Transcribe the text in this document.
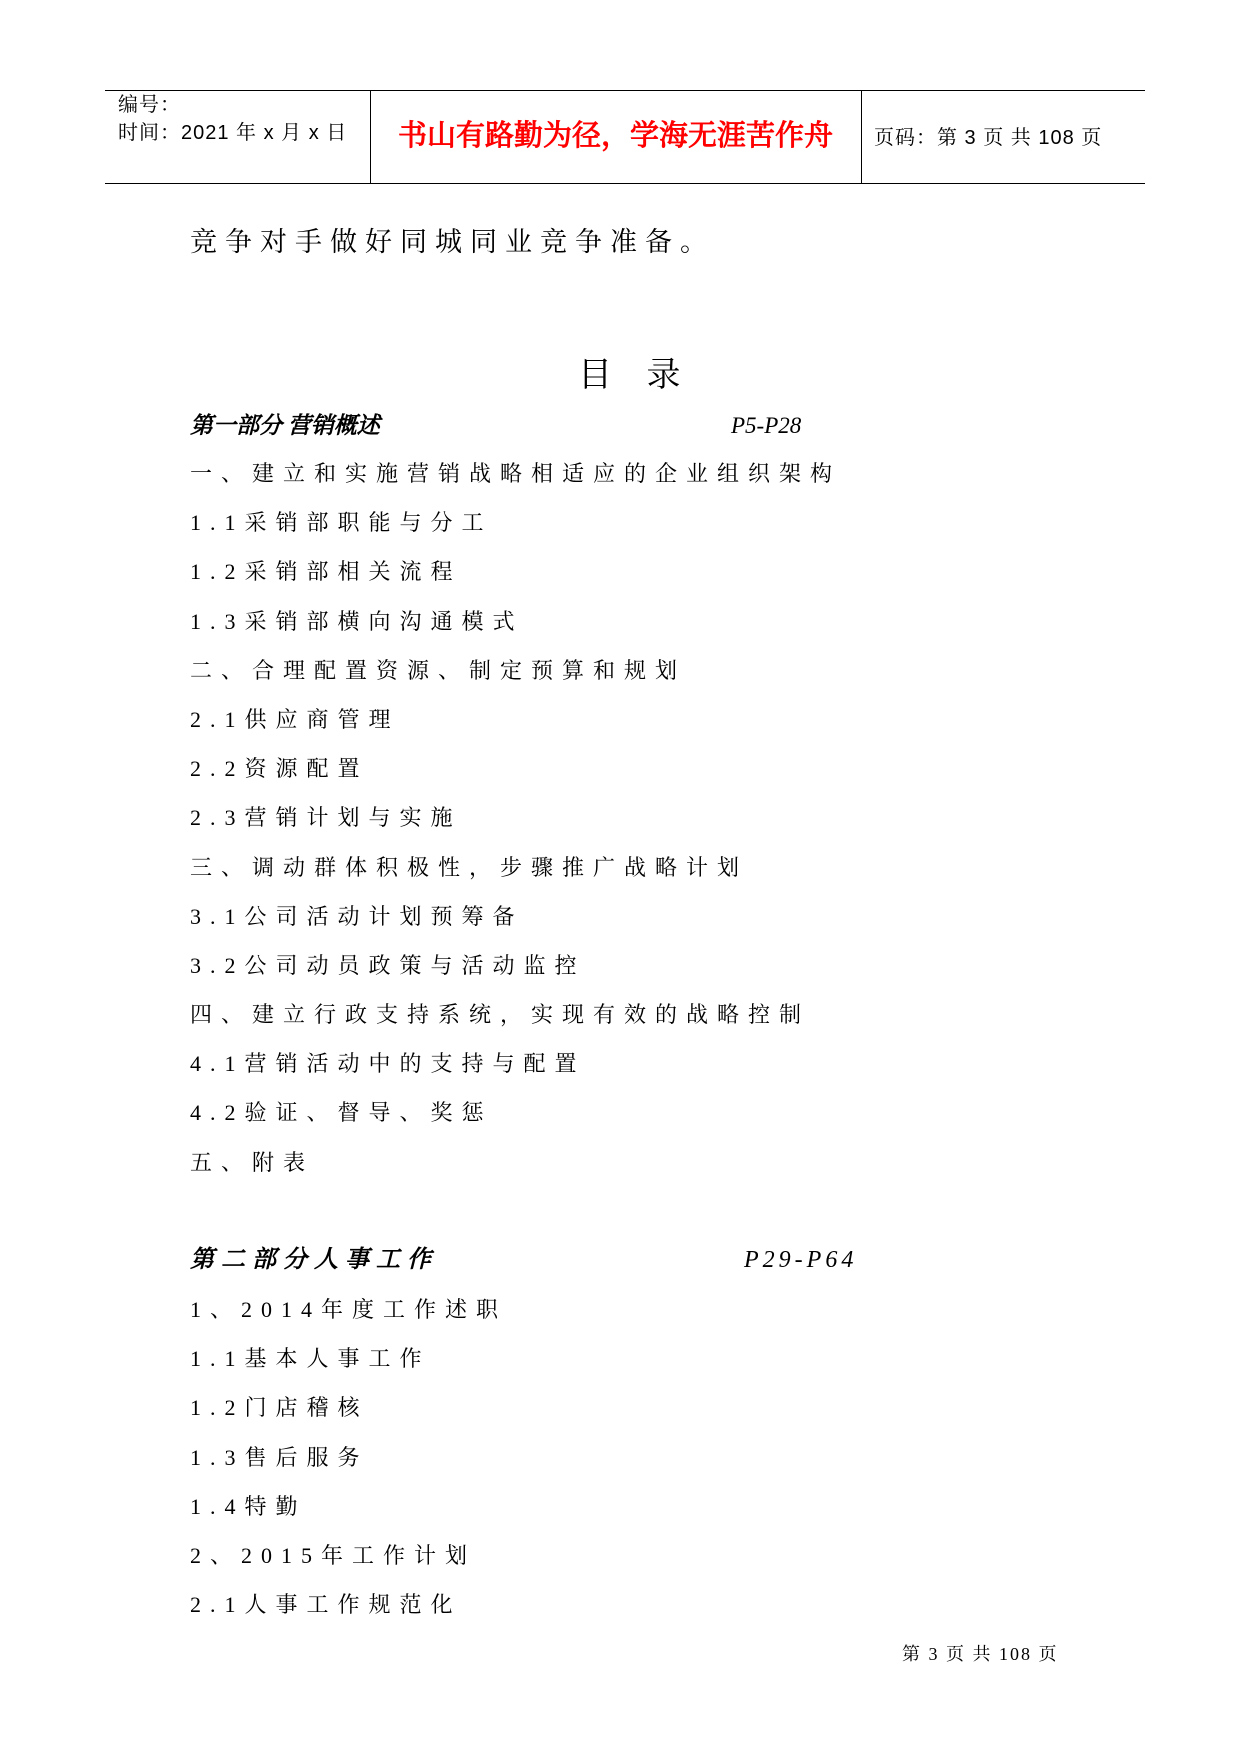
编号：
时间：2021 年 x 月 x 日	书山有路勤为径，学海无涯苦作舟	页码：第 3 页 共 108 页
竞争对手做好同城同业竞争准备。
目 录
第一部分 营销概述	P5-P28
一、建立和实施营销战略相适应的企业组织架构
1.1采销部职能与分工
1.2采销部相关流程
1.3采销部横向沟通模式
二、合理配置资源、制定预算和规划
2.1供应商管理
2.2资源配置
2.3营销计划与实施
三、调动群体积极性，步骤推广战略计划
3.1公司活动计划预筹备
3.2公司动员政策与活动监控
四、建立行政支持系统，实现有效的战略控制
4.1营销活动中的支持与配置
4.2验证、督导、奖惩
五、附表
第二部分人事工作	P29-P64
1、2014年度工作述职
1.1基本人事工作
1.2门店稽核
1.3售后服务
1.4特勤
2、2015年工作计划
2.1人事工作规范化
第 3 页 共 108 页
